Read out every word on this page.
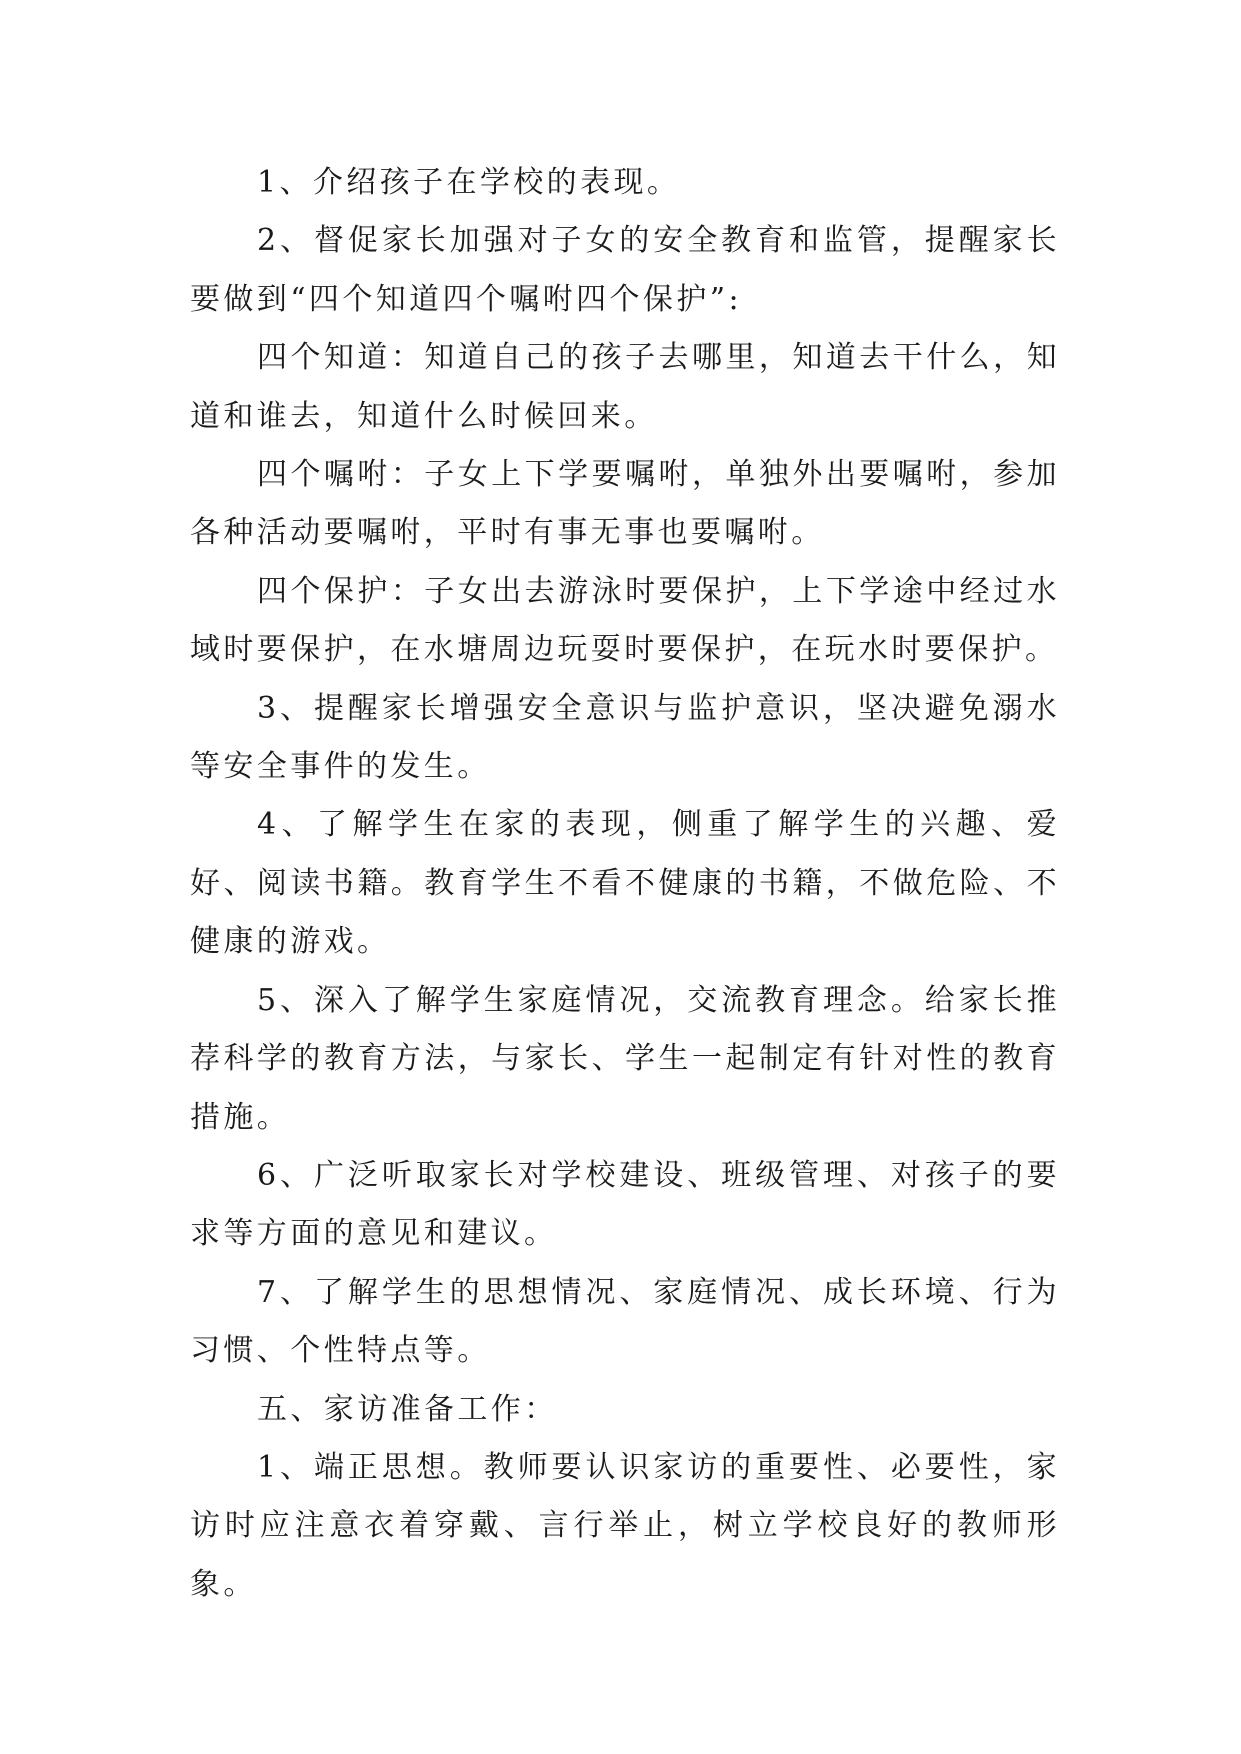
1、介绍孩子在学校的表现。

2、督促家长加强对子女的安全教育和监管，提醒家长要做到“四个知道四个嘱咐四个保护”:

四个知道：知道自己的孩子去哪里，知道去干什么，知道和谁去，知道什么时候回来。

四个嘱咐：子女上下学要嘱咐，单独外出要嘱咐，参加各种活动要嘱咐，平时有事无事也要嘱咐。

四个保护：子女出去游泳时要保护，上下学途中经过水域时要保护，在水塘周边玩耍时要保护，在玩水时要保护。

3、提醒家长增强安全意识与监护意识，坚决避免溺水等安全事件的发生。

4、了解学生在家的表现，侧重了解学生的兴趣、爱好、阅读书籍。教育学生不看不健康的书籍，不做危险、不健康的游戏。

5、深入了解学生家庭情况，交流教育理念。给家长推荐科学的教育方法，与家长、学生一起制定有针对性的教育措施。

6、广泛听取家长对学校建设、班级管理、对孩子的要求等方面的意见和建议。

7、了解学生的思想情况、家庭情况、成长环境、行为习惯、个性特点等。

五、家访准备工作：

1、端正思想。教师要认识家访的重要性、必要性，家访时应注意衣着穿戴、言行举止，树立学校良好的教师形象。
